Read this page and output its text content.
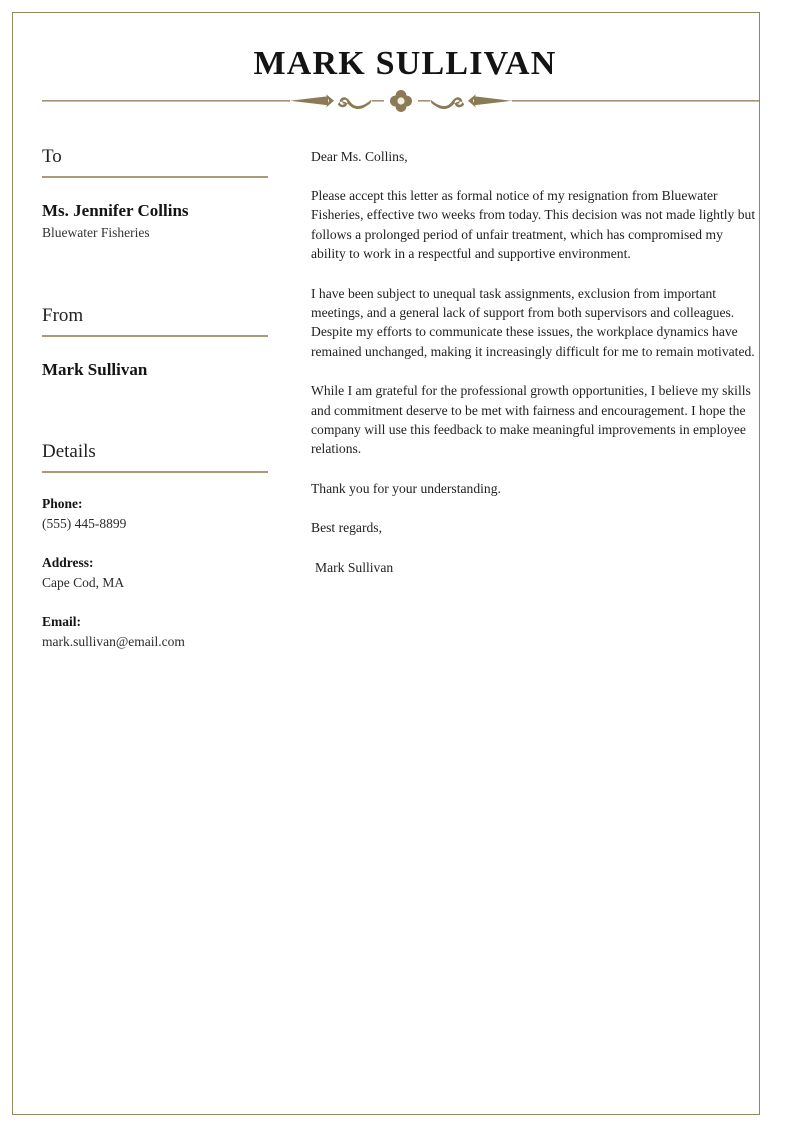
MARK SULLIVAN

To

Ms. Jennifer Collins

Bluewater Fisheries

From

Mark Sullivan

Details

Phone:

(555) 445-8899

Address:

Cape Cod, MA

Email:

mark.sullivan@email.com

Dear Ms. Collins,

Please accept this letter as formal notice of my resignation from Bluewater Fisheries, effective two weeks from today. This decision was not made lightly but follows a prolonged period of unfair treatment, which has compromised my ability to work in a respectful and supportive environment.

I have been subject to unequal task assignments, exclusion from important meetings, and a general lack of support from both supervisors and colleagues. Despite my efforts to communicate these issues, the workplace dynamics have remained unchanged, making it increasingly difficult for me to remain motivated.

While I am grateful for the professional growth opportunities, I believe my skills and commitment deserve to be met with fairness and encouragement. I hope the company will use this feedback to make meaningful improvements in employee relations.

Thank you for your understanding.

Best regards,

Mark Sullivan
